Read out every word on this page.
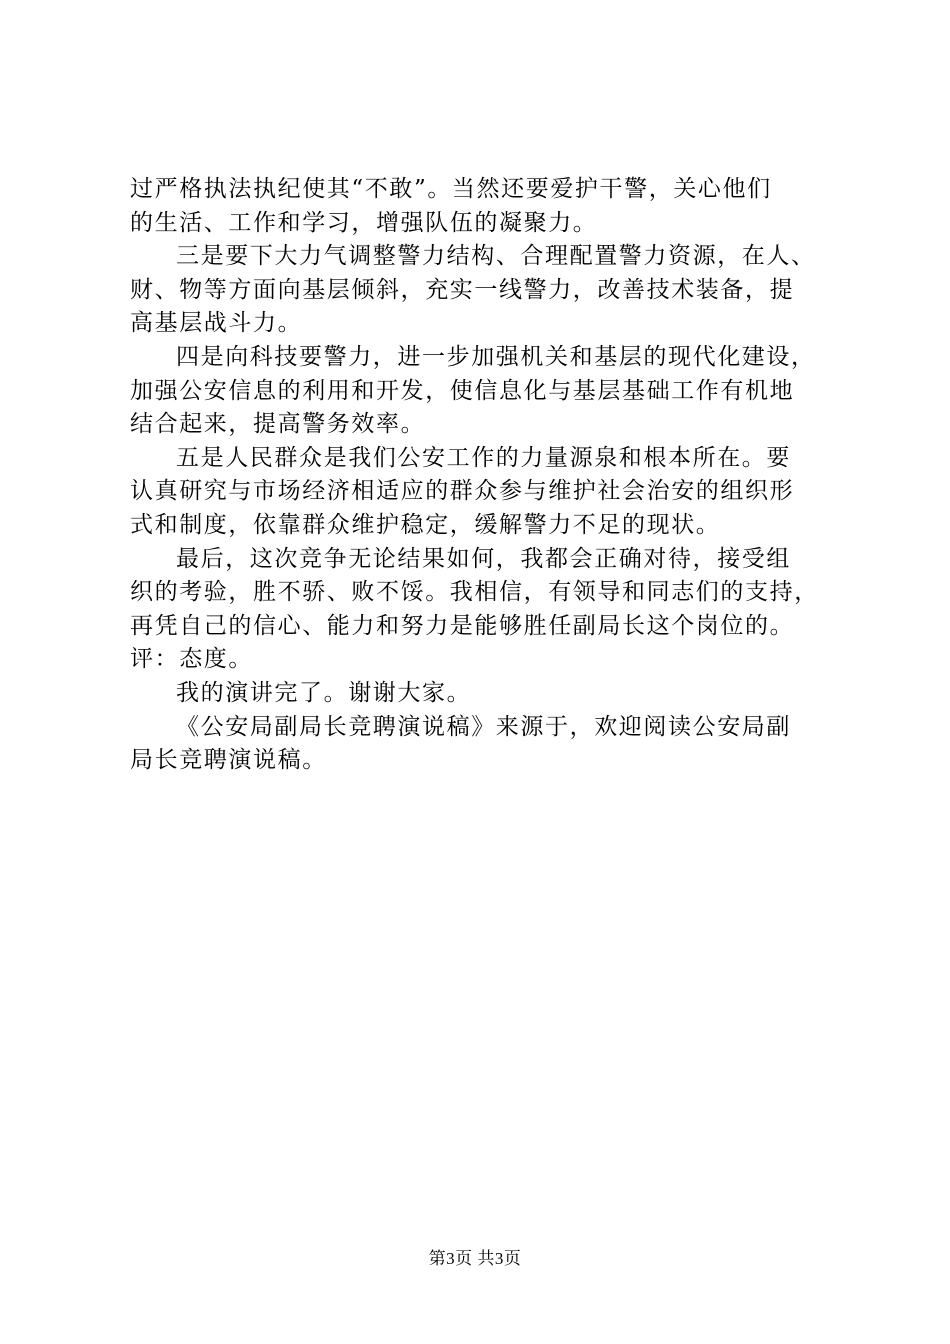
过严格执法执纪使其“不敢”。当然还要爱护干警，关心他们
的生活、工作和学习，增强队伍的凝聚力。

三是要下大力气调整警力结构、合理配置警力资源，在人、
财、物等方面向基层倾斜，充实一线警力，改善技术装备，提
高基层战斗力。

四是向科技要警力，进一步加强机关和基层的现代化建设，
加强公安信息的利用和开发，使信息化与基层基础工作有机地
结合起来，提高警务效率。

五是人民群众是我们公安工作的力量源泉和根本所在。要
认真研究与市场经济相适应的群众参与维护社会治安的组织形
式和制度，依靠群众维护稳定，缓解警力不足的现状。

最后，这次竞争无论结果如何，我都会正确对待，接受组
织的考验，胜不骄、败不馁。我相信，有领导和同志们的支持，
再凭自己的信心、能力和努力是能够胜任副局长这个岗位的。
评：态度。

我的演讲完了。谢谢大家。

《公安局副局长竞聘演说稿》来源于，欢迎阅读公安局副
局长竞聘演说稿。

第3页 共3页
